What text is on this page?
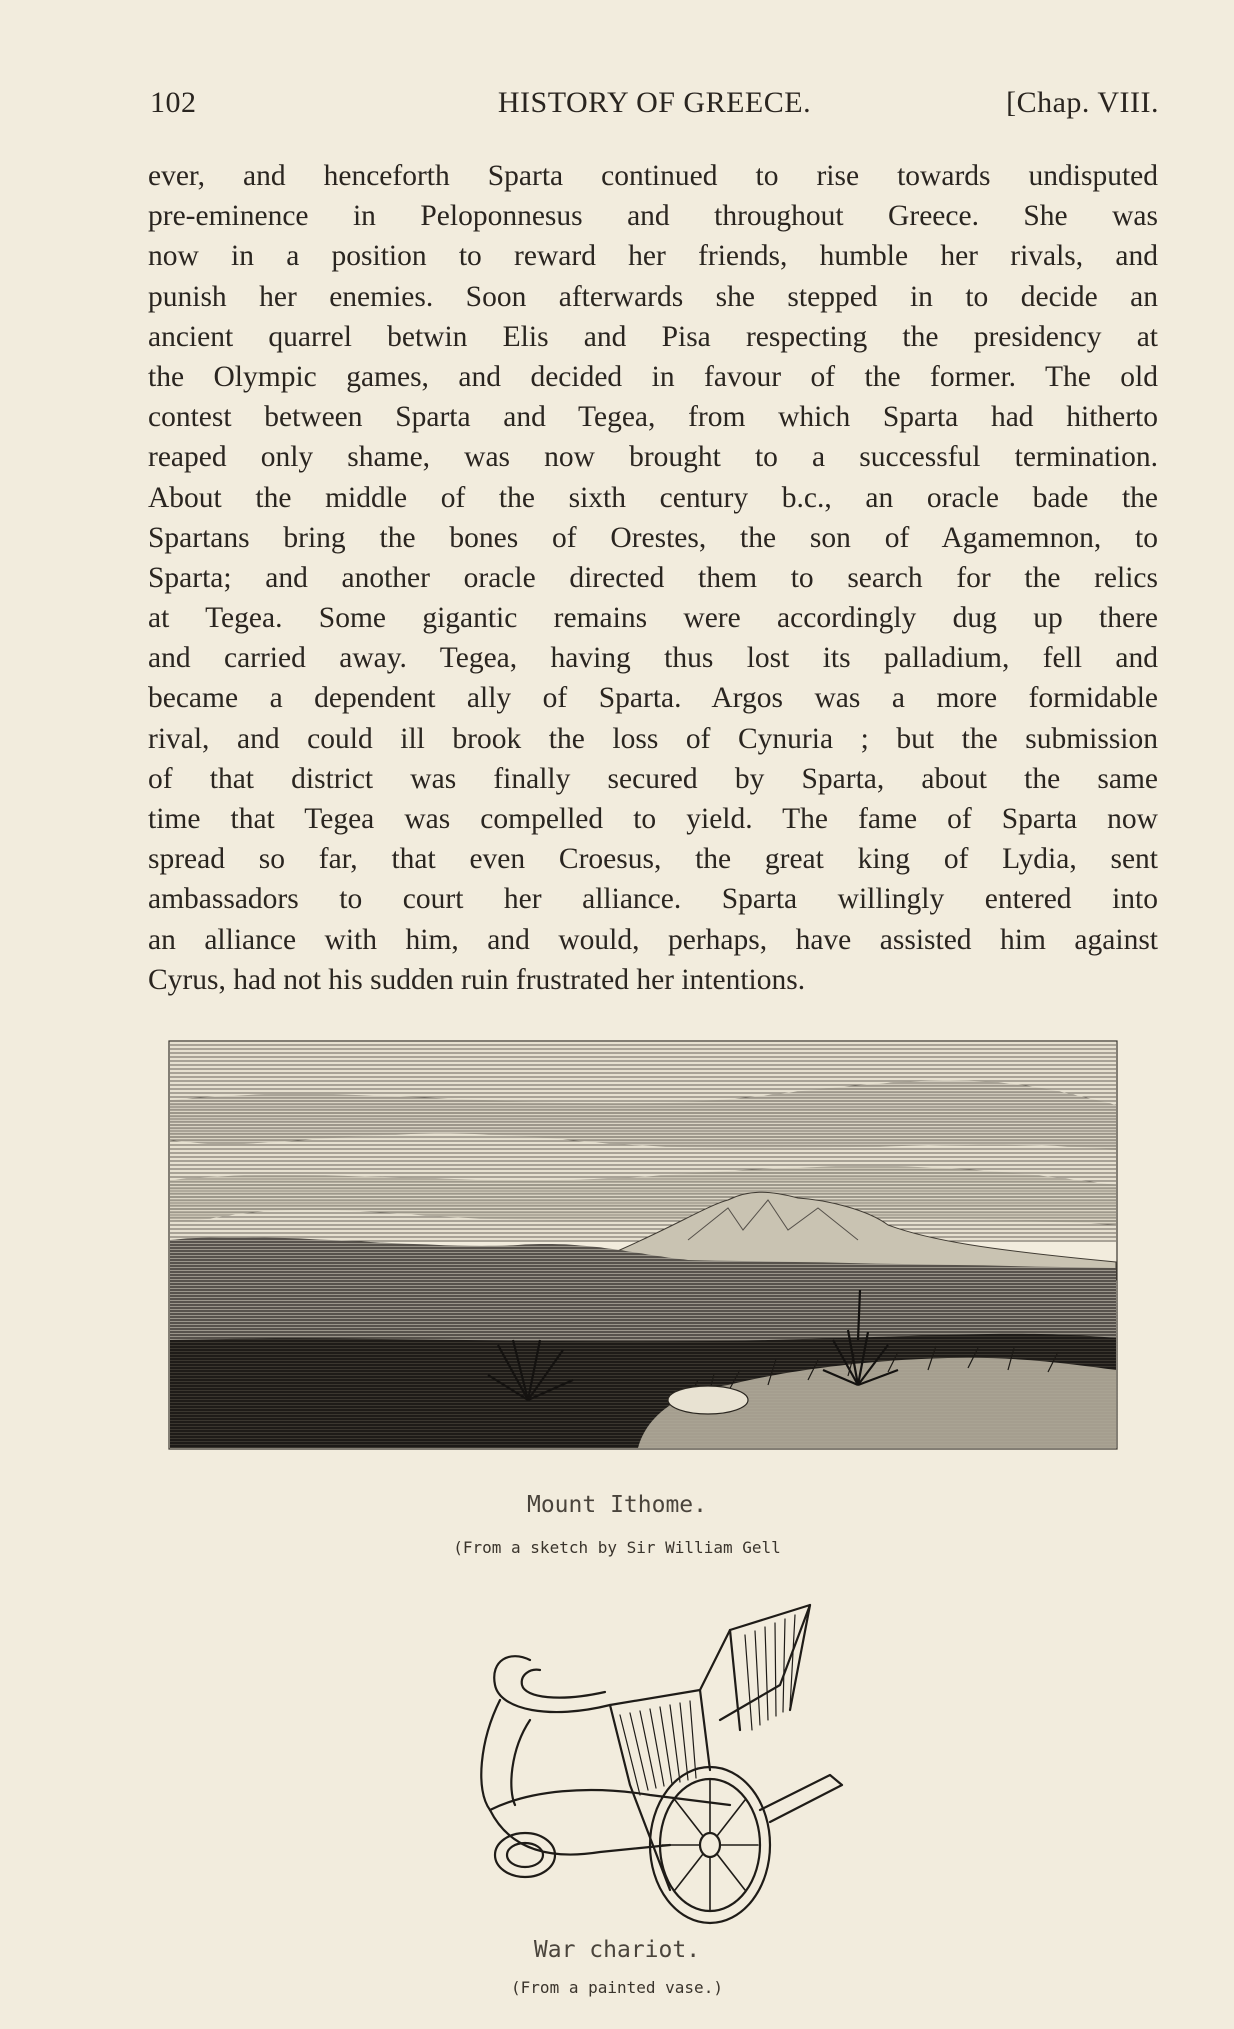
102	HISTORY OF GREECE.	[Chap. VIII.
ever, and henceforth Sparta continued to rise towards undisputed
pre-eminence in Peloponnesus and throughout Greece. She was
now in a position to reward her friends, humble her rivals, and
punish her enemies. Soon afterwards she stepped in to decide an
ancient quarrel betwin Elis and Pisa respecting the presidency at
the Olympic games, and decided in favour of the former. The old
contest between Sparta and Tegea, from which Sparta had hitherto
reaped only shame, was now brought to a successful termination.
About the middle of the sixth century b.c., an oracle bade the
Spartans bring the bones of Orestes, the son of Agamemnon, to
Sparta; and another oracle directed them to search for the relics
at Tegea. Some gigantic remains were accordingly dug up there
and carried away. Tegea, having thus lost its palladium, fell and
became a dependent ally of Sparta. Argos was a more formidable
rival, and could ill brook the loss of Cynuria ; but the submission
of that district was finally secured by Sparta, about the same
time that Tegea was compelled to yield. The fame of Sparta now
spread so far, that even Croesus, the great king of Lydia, sent
ambassadors to court her alliance. Sparta willingly entered into
an alliance with him, and would, perhaps, have assisted him against
Cyrus, had not his sudden ruin frustrated her intentions.
Mount Ithome.
(From a sketch by Sir William Gell
War chariot.
(From a painted vase.)
